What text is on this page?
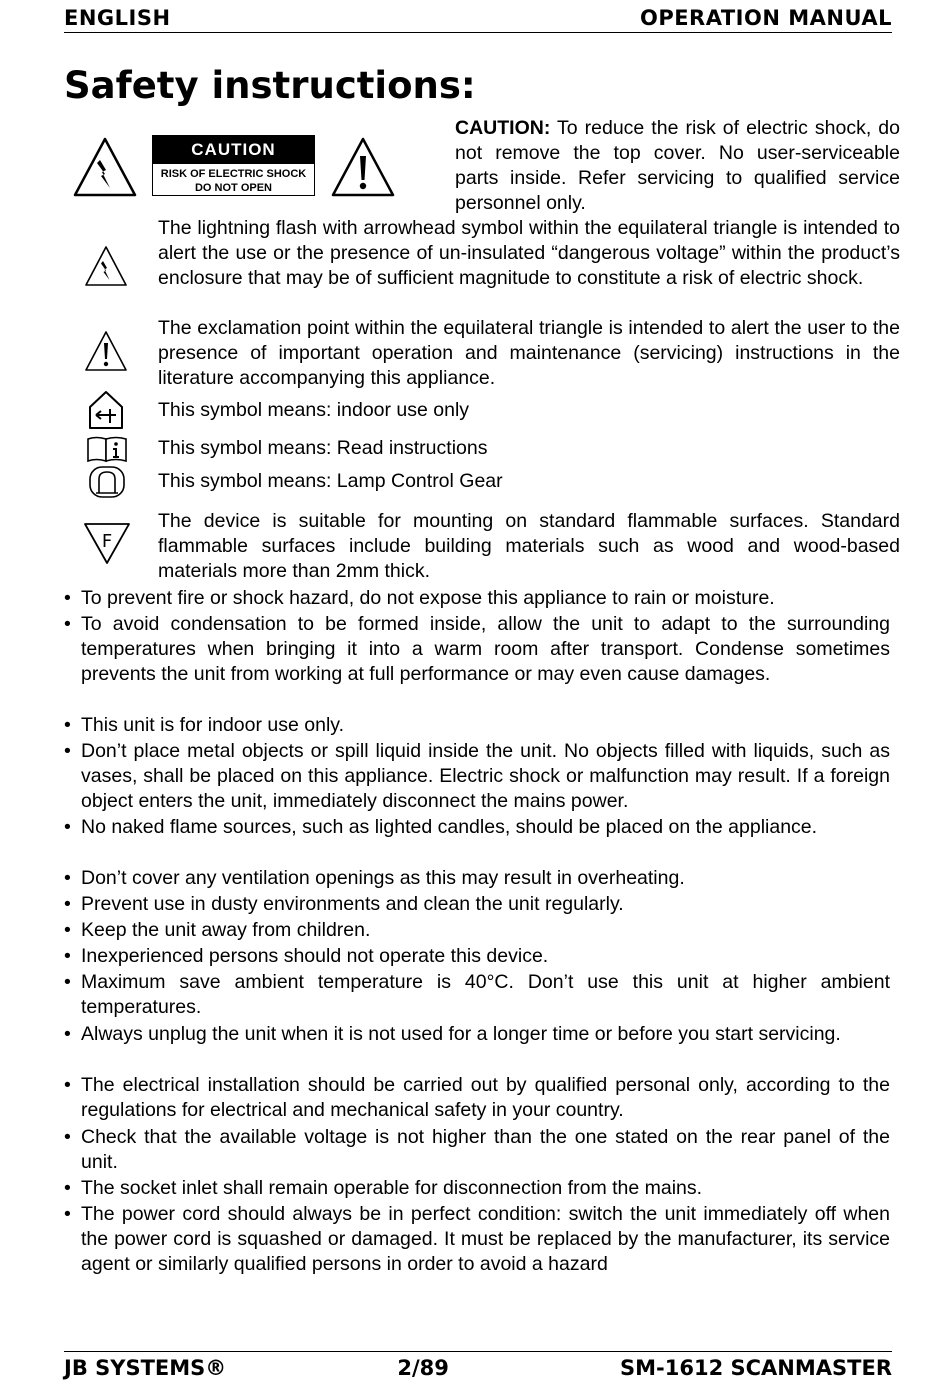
ENGLISH	OPERATION MANUAL
Safety instructions:
CAUTION
RISK OF ELECTRIC SHOCK
DO NOT OPEN
CAUTION: To reduce the risk of electric shock, do not remove the top cover. No user-serviceable parts inside. Refer servicing to qualified service personnel only.
The lightning flash with arrowhead symbol within the equilateral triangle is intended to alert the use or the presence of un-insulated “dangerous voltage” within the product’s enclosure that may be of sufficient magnitude to constitute a risk of electric shock.
The exclamation point within the equilateral triangle is intended to alert the user to the presence of important operation and maintenance (servicing) instructions in the literature accompanying this appliance.
This symbol means: indoor use only
This symbol means: Read instructions
This symbol means: Lamp Control Gear
F
The device is suitable for mounting on standard flammable surfaces. Standard flammable surfaces include building materials such as wood and wood-based materials more than 2mm thick.
• To prevent fire or shock hazard, do not expose this appliance to rain or moisture.
• To avoid condensation to be formed inside, allow the unit to adapt to the surrounding temperatures when bringing it into a warm room after transport. Condense sometimes prevents the unit from working at full performance or may even cause damages.
• This unit is for indoor use only.
• Don’t place metal objects or spill liquid inside the unit. No objects filled with liquids, such as vases, shall be placed on this appliance. Electric shock or malfunction may result. If a foreign object enters the unit, immediately disconnect the mains power.
• No naked flame sources, such as lighted candles, should be placed on the appliance.
• Don’t cover any ventilation openings as this may result in overheating.
• Prevent use in dusty environments and clean the unit regularly.
• Keep the unit away from children.
• Inexperienced persons should not operate this device.
• Maximum save ambient temperature is 40°C. Don’t use this unit at higher ambient temperatures.
• Always unplug the unit when it is not used for a longer time or before you start servicing.
• The electrical installation should be carried out by qualified personal only, according to the regulations for electrical and mechanical safety in your country.
• Check that the available voltage is not higher than the one stated on the rear panel of the unit.
• The socket inlet shall remain operable for disconnection from the mains.
• The power cord should always be in perfect condition: switch the unit immediately off when the power cord is squashed or damaged. It must be replaced by the manufacturer, its service agent or similarly qualified persons in order to avoid a hazard
JB SYSTEMS®	2/89	SM-1612 SCANMASTER
